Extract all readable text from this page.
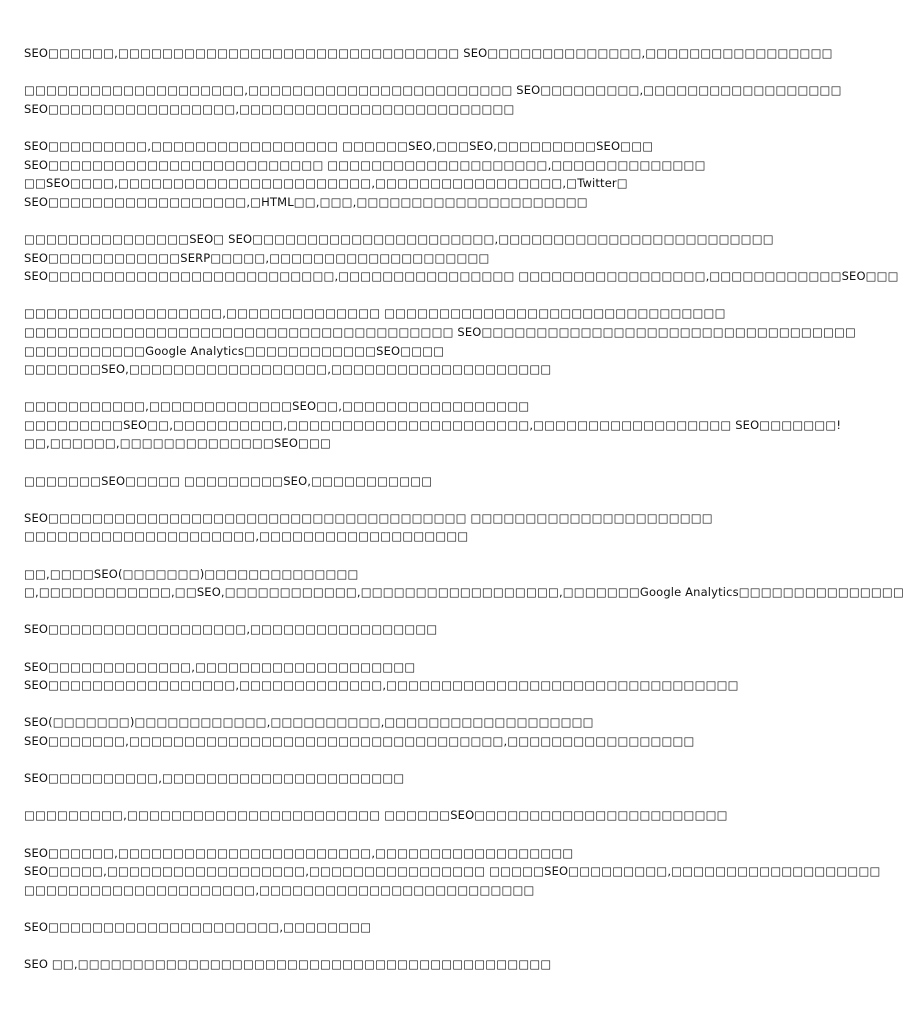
SEO□□□□□□,□□□□□□□□□□□□□□□□□□□□□□□□□□□□□□□ SEO□□□□□□□□□□□□□□,□□□□□□□□□□□□□□□□□
□□□□□□□□□□□□□□□□□□□□,□□□□□□□□□□□□□□□□□□□□□□□□ SEO□□□□□□□□□,□□□□□□□□□□□□□□□□□□
SEO□□□□□□□□□□□□□□□□□,□□□□□□□□□□□□□□□□□□□□□□□□□
SEO□□□□□□□□□,□□□□□□□□□□□□□□□□□ □□□□□□SEO,□□□SEO,□□□□□□□□□SEO□□□
SEO□□□□□□□□□□□□□□□□□□□□□□□□□ □□□□□□□□□□□□□□□□□□□□,□□□□□□□□□□□□□□
□□SEO□□□□,□□□□□□□□□□□□□□□□□□□□□□□,□□□□□□□□□□□□□□□□□,□Twitter□
SEO□□□□□□□□□□□□□□□□□□,□HTML□□,□□□,□□□□□□□□□□□□□□□□□□□□□
□□□□□□□□□□□□□□□SEO□ SEO□□□□□□□□□□□□□□□□□□□□□□,□□□□□□□□□□□□□□□□□□□□□□□□□
SEO□□□□□□□□□□□□SERP□□□□□,□□□□□□□□□□□□□□□□□□□□
SEO□□□□□□□□□□□□□□□□□□□□□□□□□□,□□□□□□□□□□□□□□□□ □□□□□□□□□□□□□□□□□,□□□□□□□□□□□□SEO□□□
□□□□□□□□□□□□□□□□□□,□□□□□□□□□□□□□□ □□□□□□□□□□□□□□□□□□□□□□□□□□□□□□□
□□□□□□□□□□□□□□□□□□□□□□□□□□□□□□□□□□□□□□□ SEO□□□□□□□□□□□□□□□□□□□□□□□□□□□□□□□□□□
□□□□□□□□□□□Google Analytics□□□□□□□□□□□□SEO□□□□
□□□□□□□SEO,□□□□□□□□□□□□□□□□□□,□□□□□□□□□□□□□□□□□□□□
□□□□□□□□□□□,□□□□□□□□□□□□□SEO□□,□□□□□□□□□□□□□□□□□
□□□□□□□□□SEO□□,□□□□□□□□□□,□□□□□□□□□□□□□□□□□□□□□□,□□□□□□□□□□□□□□□□□□ SEO□□□□□□□!
□□,□□□□□□,□□□□□□□□□□□□□□SEO□□□
□□□□□□□SEO□□□□□ □□□□□□□□□SEO,□□□□□□□□□□□
SEO□□□□□□□□□□□□□□□□□□□□□□□□□□□□□□□□□□□□□□ □□□□□□□□□□□□□□□□□□□□□□
□□□□□□□□□□□□□□□□□□□□□,□□□□□□□□□□□□□□□□□□□
□□,□□□□SEO(□□□□□□□)□□□□□□□□□□□□□□
□,□□□□□□□□□□□□,□□SEO,□□□□□□□□□□□□,□□□□□□□□□□□□□□□□□□,□□□□□□□Google Analytics□□□□□□□□□□□□□□□
SEO□□□□□□□□□□□□□□□□□□,□□□□□□□□□□□□□□□□□
SEO□□□□□□□□□□□□□,□□□□□□□□□□□□□□□□□□□□
SEO□□□□□□□□□□□□□□□□□,□□□□□□□□□□□□□,□□□□□□□□□□□□□□□□□□□□□□□□□□□□□□□□
SEO(□□□□□□□)□□□□□□□□□□□□,□□□□□□□□□□,□□□□□□□□□□□□□□□□□□□
SEO□□□□□□□,□□□□□□□□□□□□□□□□□□□□□□□□□□□□□□□□□□,□□□□□□□□□□□□□□□□□
SEO□□□□□□□□□□,□□□□□□□□□□□□□□□□□□□□□□
□□□□□□□□□,□□□□□□□□□□□□□□□□□□□□□□□ □□□□□□SEO□□□□□□□□□□□□□□□□□□□□□□□
SEO□□□□□□,□□□□□□□□□□□□□□□□□□□□□□□,□□□□□□□□□□□□□□□□□□
SEO□□□□□,□□□□□□□□□□□□□□□□□□,□□□□□□□□□□□□□□□□ □□□□□SEO□□□□□□□□□,□□□□□□□□□□□□□□□□□□□
□□□□□□□□□□□□□□□□□□□□□,□□□□□□□□□□□□□□□□□□□□□□□□□
SEO□□□□□□□□□□□□□□□□□□□□□,□□□□□□□□
SEO □□,□□□□□□□□□□□□□□□□□□□□□□□□□□□□□□□□□□□□□□□□□□□
